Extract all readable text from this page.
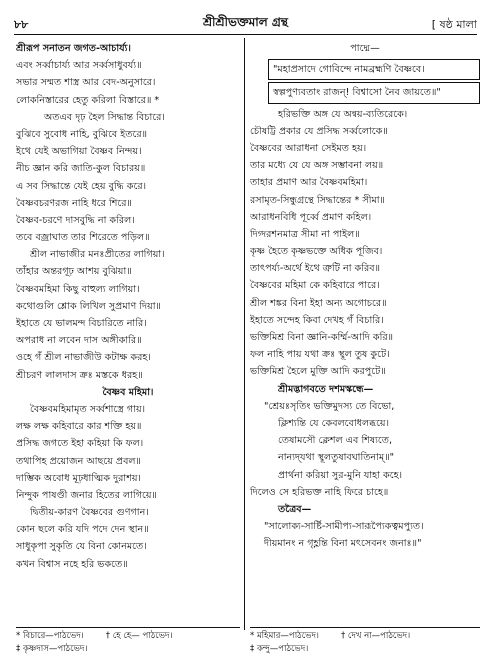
৮৮	শ্রীশ্রীভক্তমাল গ্রন্থ	[ ষষ্ঠ মালা
শ্রীরূপ সনাতন জগত-আচার্য্য।
এবং সর্ব্বাচার্য্য আর সর্ব্বসাধুবর্য্য॥
সভার সম্মত শাস্ত্র আর বেদ-অনুসারে।
লোকনিস্তারের হেতু করিলা বিস্তারে॥ *
অতএব দৃঢ় হৈল সিদ্ধান্ত বিচারে।
বুঝিবে সুবোধ নাহি, বুঝিবে ইতরে॥
ইথে যেই অভাগিয়া বৈষ্ণব নিন্দয়।
নীচ জ্ঞান করি জাতি-কুল বিচারয়॥
এ সব সিদ্ধান্তে যেই হেয় বুদ্ধি করে।
বৈষ্ণবচরণরজ নাহি ধরে শিরে॥
বৈষ্ণব-চরণে দাসবুদ্ধি না করিল।
তবে বজ্রাঘাত তার শিরেতে পড়িল॥
শ্রীল নাভাজীর মনঃপ্রীতের লাগিয়া।
তাঁহার অন্তরগূঢ় আশয় বুঝিয়া॥
বৈষ্ণবমহিমা কিছু বাহুল্য লাগিয়া।
কথোগুলি শ্লোক লিখিল সুপ্রমাণ দিয়া॥
ইহাতে যে ভালমন্দ বিচারিতে নারি।
অপরাধ না লবেন দাস অঙ্গীকারি॥
ওহে গঁ শ্রীল নাভাজীউ কটাক্ষ করহ।
শ্রীচরণ লালদাস ক্রঃ মস্তকে ধরহ॥
বৈষ্ণব মহিমা।
বৈষ্ণবমহিমামৃত সর্ব্বশাস্ত্রে গায়।
লক্ষ লক্ষ কহিবারে কার শক্তি হয়॥
প্রসিদ্ধ জগতে ইহা কহিয়া কি ফল।
তথাপিহ প্রয়োজন আছয়ে প্রবল॥
দাম্ভিক অবোধ মূঢ়ধাত্মিক দুরাশয়।
নিন্দুক পাষণ্ডী জনার হিতের লাগিয়ে॥
দ্বিতীয়-কারণ বৈষ্ণবের গুণগান।
কোন ছলে করি যদি পদে দেন স্থান॥
সাধুকৃপা সুকৃতি যে বিনা কোনমতে।
কখন বিশ্বাস নহে হরি ভকতে॥
পাদ্মে—
"মহাপ্রসাদে গোবিন্দে নামব্রহ্মণি বৈষ্ণবে।
স্বল্পপুণ্যবতাং রাজন্! বিশ্বাসো নৈব জায়তে॥"
হরিভক্তি অঙ্গ যে অন্বয়-ব্যতিরেকে।
চৌষট্টি প্রকার যে প্রসিদ্ধ সর্ব্বলোকে॥
বৈষ্ণবের আরাধনা সেইমত হয়।
তার মধ্যে যে যে অঙ্গ সম্ভাবনা লয়॥
তাহার প্রমাণ আর বৈষ্ণবমহিমা।
রসামৃত-সিন্ধুগ্রন্থে সিদ্ধান্তের * সীমা॥
আরাধনবিধি পূর্ব্বে প্রমাণ কহিল।
দিগ্দরশনমাত্র সীমা না পাইল॥
কৃষ্ণ হৈতে কৃষ্ণভক্তে অধিক পূজিব।
তাৎপর্য্য-অর্থে ইথে ত্রুটি না করিব॥
বৈষ্ণবের মহিমা কে কহিবারে পারে।
শ্রীল শঙ্কর বিনা ইহা অন্য অগোচরে॥
ইহাতে সন্দেহ কিবা দেখহ গঁ বিচারি।
ভক্তিমিশ্র বিনা জ্ঞানি-কর্ম্মি-আদি করি॥
ফল নাহি পায় যথা ক্রঃ স্থূল তুষ কুটে।
ভক্তিমিশ্র হৈলে মুক্তি আদি করপুটে॥
শ্রীমদ্ভাগবতে দশমস্কন্ধে—
"শ্রেয়ঃসৃতিং ভক্তিমুদস্য তে বিভো,
ক্লিশ্যন্তি যে কেবলবোধলব্ধয়ে।
তেষামসৌ ক্লেশল এব শিষ্যতে,
নান্যদ্‌যথা স্থূলতুষাবঘাতিনাম্॥"
প্রার্থনা করিয়া সুর-মুনি যাহা কহে।
দিলেও সে হরিভক্ত নাহি ফিরে চাহে॥
তত্রৈব—
"সালোক্য-সার্ষ্টি-সামীপ্য-সারূপ্যৈকত্বমপ্যুত।
দীয়মানং ন গৃহ্ণন্তি বিনা মৎসেবনং জনাঃ॥"
* বিচারে—পাঠভেদ।	† হে হে— পাঠভেদ।
‡ কৃষ্ণদাস—পাঠভেদ।
* মহিমার—পাঠভেদ।	† দেখ না—পাঠভেদ।
‡ কন্দু—পাঠভেদ।
